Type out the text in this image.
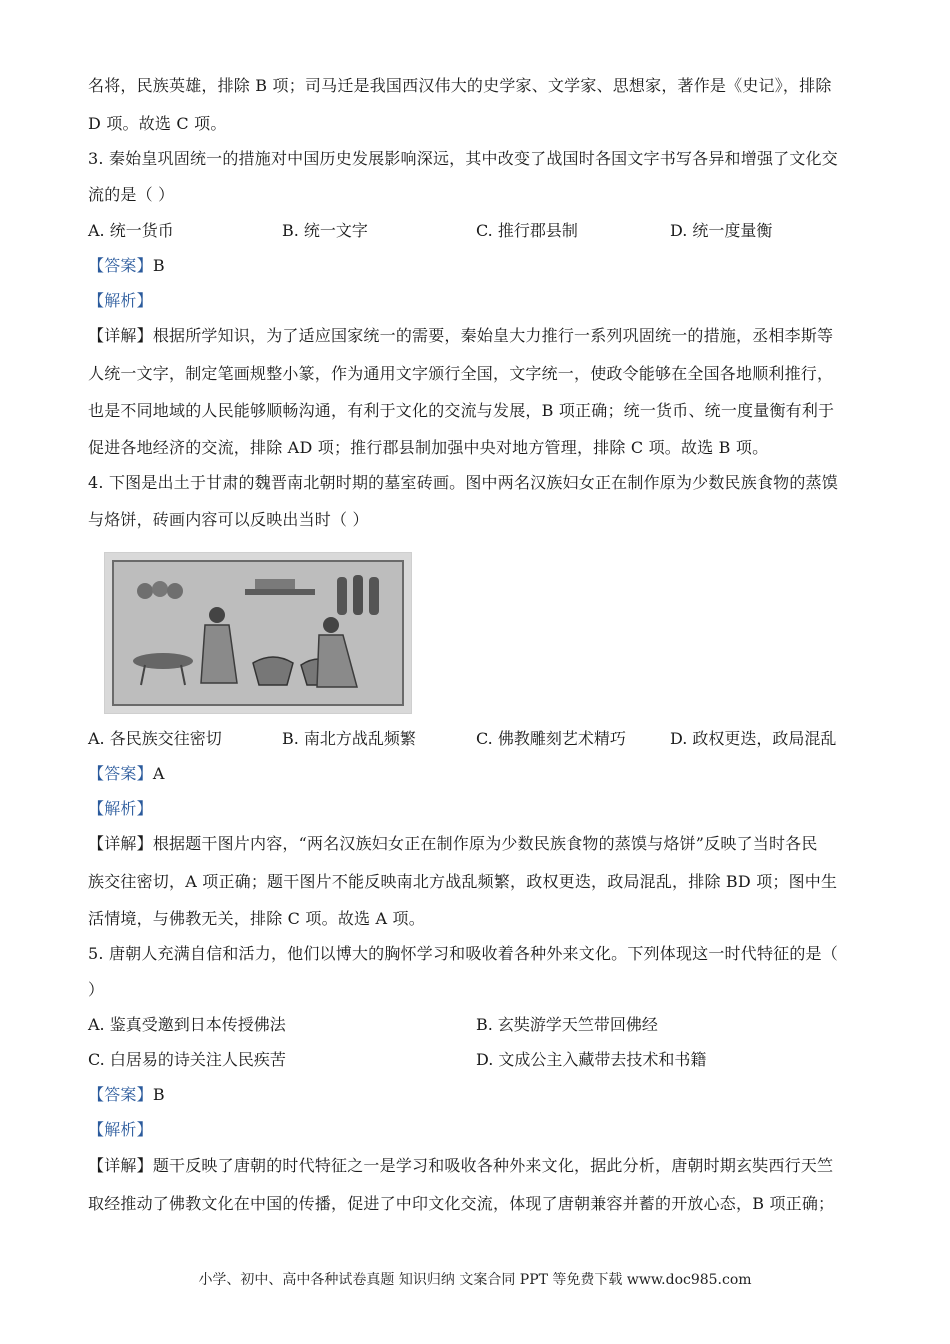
名将，民族英雄，排除 B 项；司马迁是我国西汉伟大的史学家、文学家、思想家，著作是《史记》，排除
D 项。故选 C 项。
3. 秦始皇巩固统一的措施对中国历史发展影响深远，其中改变了战国时各国文字书写各异和增强了文化交
流的是（ ）
A. 统一货币	B. 统一文字	C. 推行郡县制	D. 统一度量衡
【答案】B
【解析】
【详解】根据所学知识，为了适应国家统一的需要，秦始皇大力推行一系列巩固统一的措施，丞相李斯等
人统一文字，制定笔画规整小篆，作为通用文字颁行全国，文字统一，使政令能够在全国各地顺利推行，
也是不同地域的人民能够顺畅沟通，有利于文化的交流与发展，B 项正确；统一货币、统一度量衡有利于
促进各地经济的交流，排除 AD 项；推行郡县制加强中央对地方管理，排除 C 项。故选 B 项。
4. 下图是出土于甘肃的魏晋南北朝时期的墓室砖画。图中两名汉族妇女正在制作原为少数民族食物的蒸馍
与烙饼，砖画内容可以反映出当时（ ）
A. 各民族交往密切	B. 南北方战乱频繁	C. 佛教雕刻艺术精巧	D. 政权更迭，政局混乱
【答案】A
【解析】
【详解】根据题干图片内容，“两名汉族妇女正在制作原为少数民族食物的蒸馍与烙饼”反映了当时各民
族交往密切，A 项正确；题干图片不能反映南北方战乱频繁，政权更迭，政局混乱，排除 BD 项；图中生
活情境，与佛教无关，排除 C 项。故选 A 项。
5. 唐朝人充满自信和活力，他们以博大的胸怀学习和吸收着各种外来文化。下列体现这一时代特征的是（
）
A. 鉴真受邀到日本传授佛法	B. 玄奘游学天竺带回佛经
C. 白居易的诗关注人民疾苦	D. 文成公主入藏带去技术和书籍
【答案】B
【解析】
【详解】题干反映了唐朝的时代特征之一是学习和吸收各种外来文化，据此分析，唐朝时期玄奘西行天竺
取经推动了佛教文化在中国的传播，促进了中印文化交流，体现了唐朝兼容并蓄的开放心态，B 项正确；
小学、初中、高中各种试卷真题 知识归纳 文案合同 PPT 等免费下载 www.doc985.com
